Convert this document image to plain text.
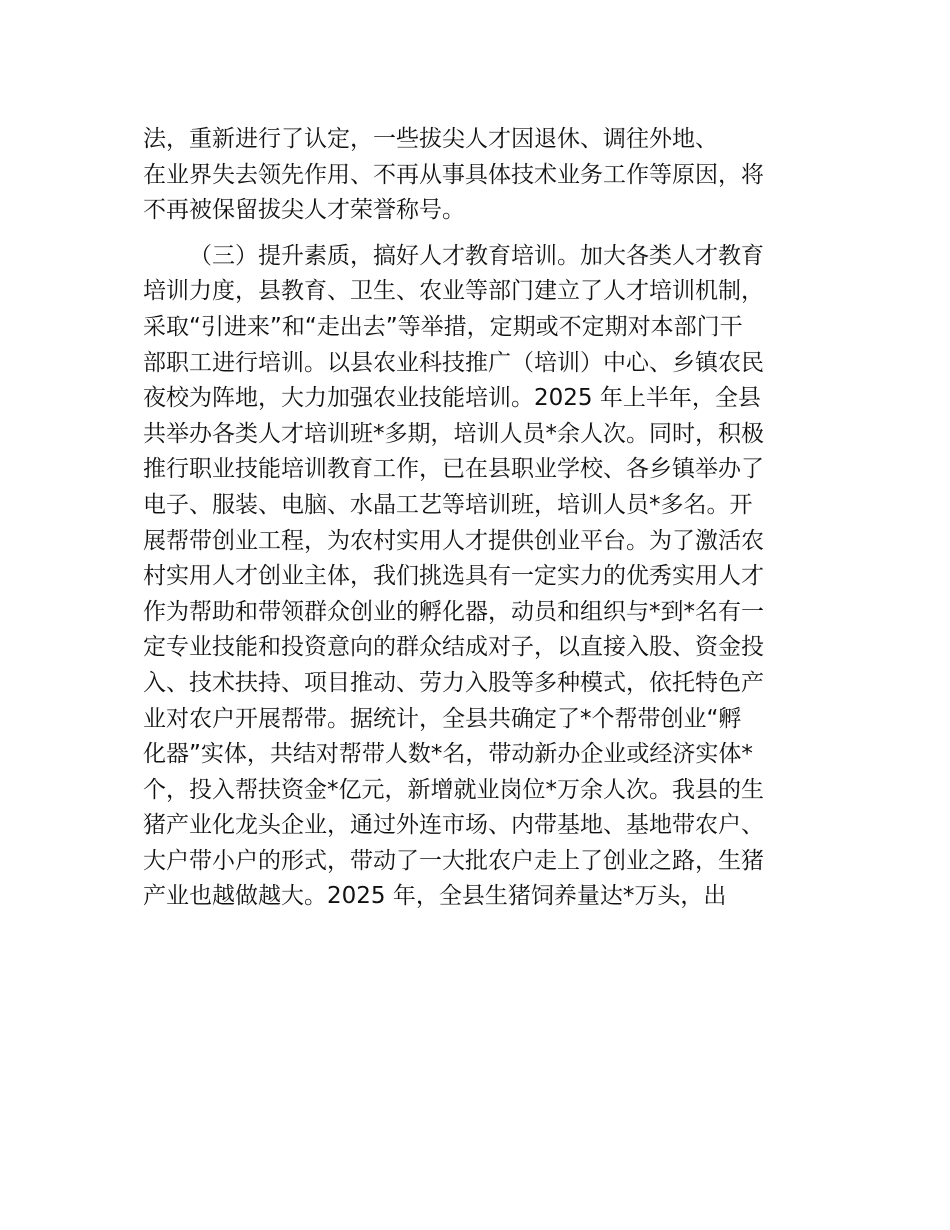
法，重新进行了认定，一些拔尖人才因退休、调往外地、
在业界失去领先作用、不再从事具体技术业务工作等原因，将
不再被保留拔尖人才荣誉称号。
（三）提升素质，搞好人才教育培训。加大各类人才教育
培训力度，县教育、卫生、农业等部门建立了人才培训机制，
采取“引进来”和“走出去”等举措，定期或不定期对本部门干
部职工进行培训。以县农业科技推广（培训）中心、乡镇农民
夜校为阵地，大力加强农业技能培训。2025 年上半年，全县
共举办各类人才培训班*多期，培训人员*余人次。同时，积极
推行职业技能培训教育工作，已在县职业学校、各乡镇举办了
电子、服装、电脑、水晶工艺等培训班，培训人员*多名。开
展帮带创业工程，为农村实用人才提供创业平台。为了激活农
村实用人才创业主体，我们挑选具有一定实力的优秀实用人才
作为帮助和带领群众创业的孵化器，动员和组织与*到*名有一
定专业技能和投资意向的群众结成对子，以直接入股、资金投
入、技术扶持、项目推动、劳力入股等多种模式，依托特色产
业对农户开展帮带。据统计，全县共确定了*个帮带创业“孵
化器”实体，共结对帮带人数*名，带动新办企业或经济实体*
个，投入帮扶资金*亿元，新增就业岗位*万余人次。我县的生
猪产业化龙头企业，通过外连市场、内带基地、基地带农户、
大户带小户的形式，带动了一大批农户走上了创业之路，生猪
产业也越做越大。2025 年，全县生猪饲养量达*万头，出
